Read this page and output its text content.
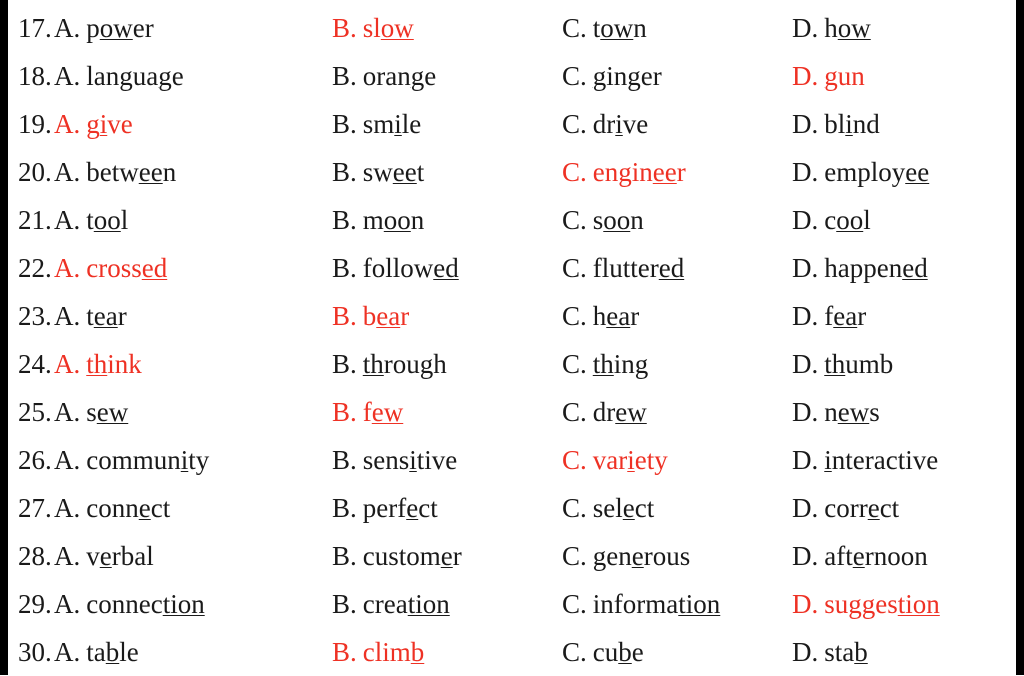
17. A. power	B. slow	C. town	D. how
18. A. language	B. orange	C. ginger	D. gun
19. A. give	B. smile	C. drive	D. blind
20. A. between	B. sweet	C. engineer	D. employee
21. A. tool	B. moon	C. soon	D. cool
22. A. crossed	B. followed	C. fluttered	D. happened
23. A. tear	B. bear	C. hear	D. fear
24. A. think	B. through	C. thing	D. thumb
25. A. sew	B. few	C. drew	D. news
26. A. community	B. sensitive	C. variety	D. interactive
27. A. connect	B. perfect	C. select	D. correct
28. A. verbal	B. customer	C. generous	D. afternoon
29. A. connection	B. creation	C. information	D. suggestion
30. A. table	B. climb	C. cube	D. stab
